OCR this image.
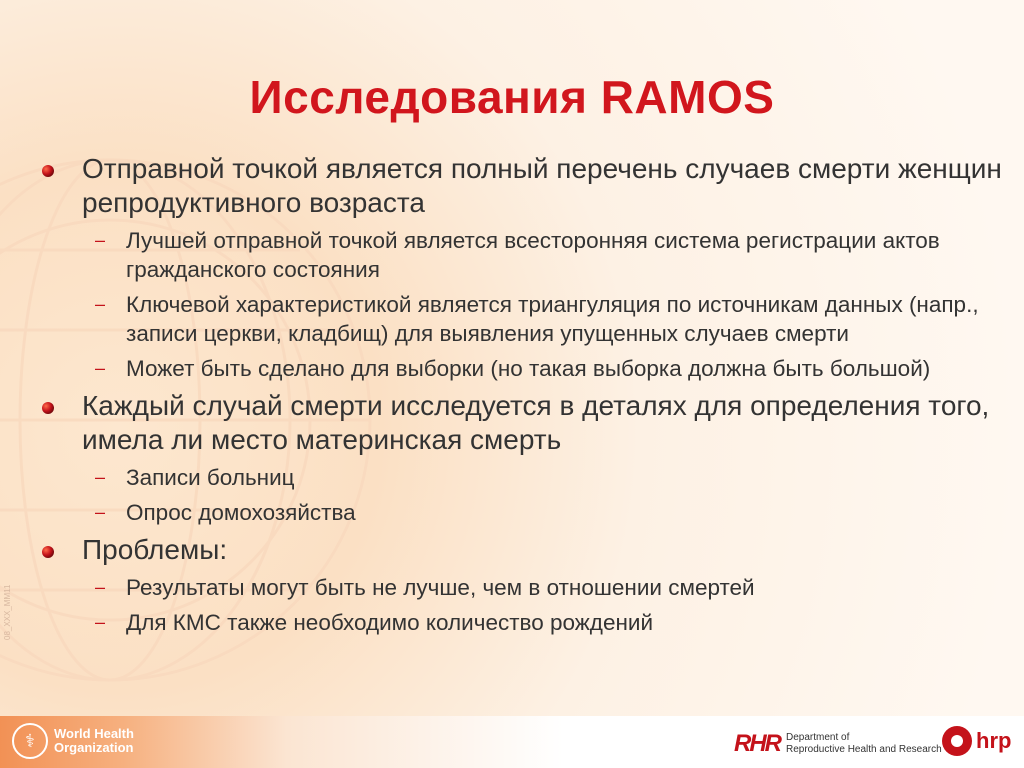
Исследования RAMOS
Отправной точкой является полный перечень случаев смерти женщин репродуктивного возраста
– Лучшей отправной точкой является всесторонняя система регистрации актов гражданского состояния
– Ключевой характеристикой является триангуляция по источникам данных (напр., записи церкви, кладбищ) для выявления упущенных случаев смерти
– Может быть сделано для выборки (но такая выборка должна быть большой)
Каждый случай смерти исследуется в деталях для определения того, имела ли место материнская смерть
– Записи больниц
– Опрос домохозяйства
Проблемы:
– Результаты могут быть не лучше, чем в отношении смертей
– Для КМС также необходимо количество рождений
08_XXX_MM11
⚕	World Health
Organization	RHR Department of
Reproductive Health and Research hrp
